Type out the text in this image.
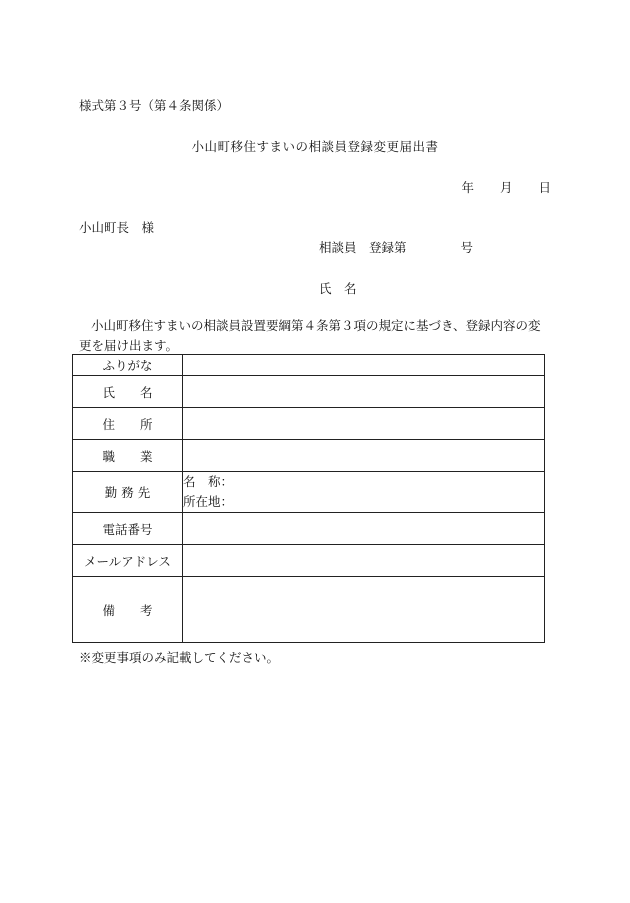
様式第３号（第４条関係）
小山町移住すまいの相談員登録変更届出書
年 月 日
小山町長　様
相談員　登録第	号
氏　名
小山町移住すまいの相談員設置要綱第４条第３項の規定に基づき、登録内容の変更を届け出ます。
ふりがな	
氏　　名	
住　　所	
職　　業	
勤 務 先	名　称：
所在地：

電話番号	
メールアドレス	
備　　考	
※変更事項のみ記載してください。
